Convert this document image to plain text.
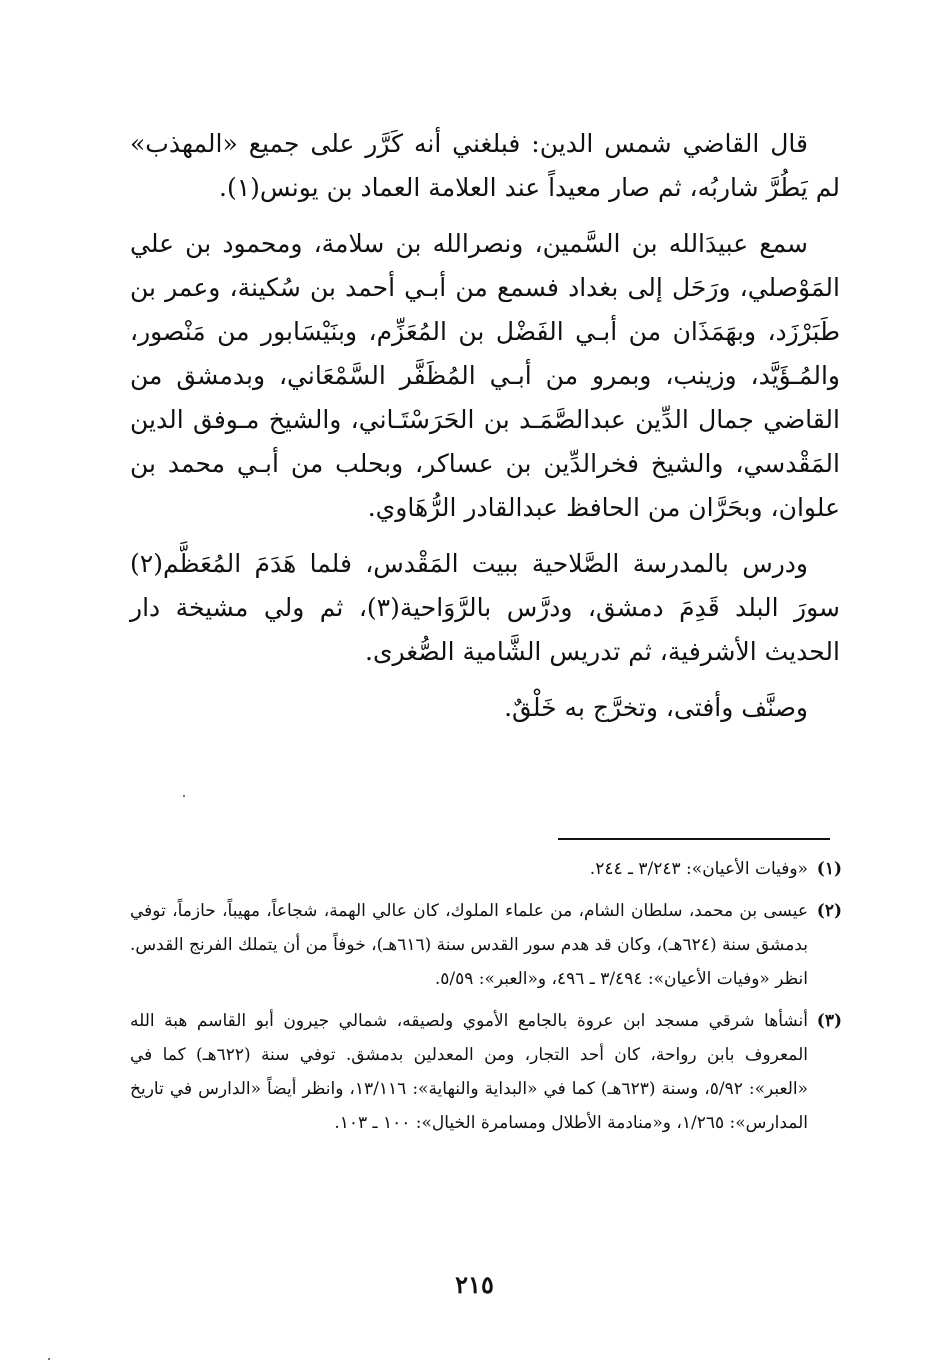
قال القاضي شمس الدين: فبلغني أنه كَرَّر على جميع «المهذب» لم يَطُرَّ شاربُه، ثم صار معيداً عند العلامة العماد بن يونس(١).

سمع عبيدَالله بن السَّمين، ونصرالله بن سلامة، ومحمود بن علي المَوْصلي، ورَحَل إلى بغداد فسمع من أبـي أحمد بن سُكينة، وعمر بن طَبَرْزَد، وبهَمَذَان من أبـي الفَضْل بن المُعَزِّم، وبنَيْسَابور من مَنْصور، والمُـؤَيَّد، وزينب، وبمرو من أبـي المُظَفَّر السَّمْعَاني، وبدمشق من القاضي جمال الدِّين عبدالصَّمَـد بن الحَرَسْتَـاني، والشيخ مـوفق الدين المَقْدسي، والشيخ فخرالدِّين بن عساكر، وبحلب من أبـي محمد بن علوان، وبحَرَّان من الحافظ عبدالقادر الرُّهَاوي.

ودرس بالمدرسة الصَّلاحية ببيت المَقْدس، فلما هَدَمَ المُعَظَّم(٢) سورَ البلد قَدِمَ دمشق، ودرَّس بالرَّوَاحية(٣)، ثم ولي مشيخة دار الحديث الأشرفية، ثم تدريس الشَّامية الصُّغرى.

وصنَّف وأفتى، وتخرَّج به خَلْقٌ.

(١)
«وفيات الأعيان»: ٣/٢٤٣ ـ ٢٤٤.
(٢)
عيسى بن محمد، سلطان الشام، من علماء الملوك، كان عالي الهمة، شجاعاً، مهيباً، حازماً، توفي بدمشق سنة (٦٢٤هـ)، وكان قد هدم سور القدس سنة (٦١٦هـ)، خوفاً من أن يتملك الفرنج القدس. انظر «وفيات الأعيان»: ٣/٤٩٤ ـ ٤٩٦، و«العبر»: ٥/٥٩.
(٣)
أنشأها شرقي مسجد ابن عروة بالجامع الأموي ولصيقه، شمالي جيرون أبو القاسم هبة الله المعروف بابن رواحة، كان أحد التجار، ومن المعدلين بدمشق. توفي سنة (٦٢٢هـ) كما في «العبر»: ٥/٩٢، وسنة (٦٢٣هـ) كما في «البداية والنهاية»: ١٣/١١٦، وانظر أيضاً «الدارس في تاريخ المدارس»: ١/٢٦٥، و«منادمة الأطلال ومسامرة الخيال»: ١٠٠ ـ ١٠٣.
٢١٥
